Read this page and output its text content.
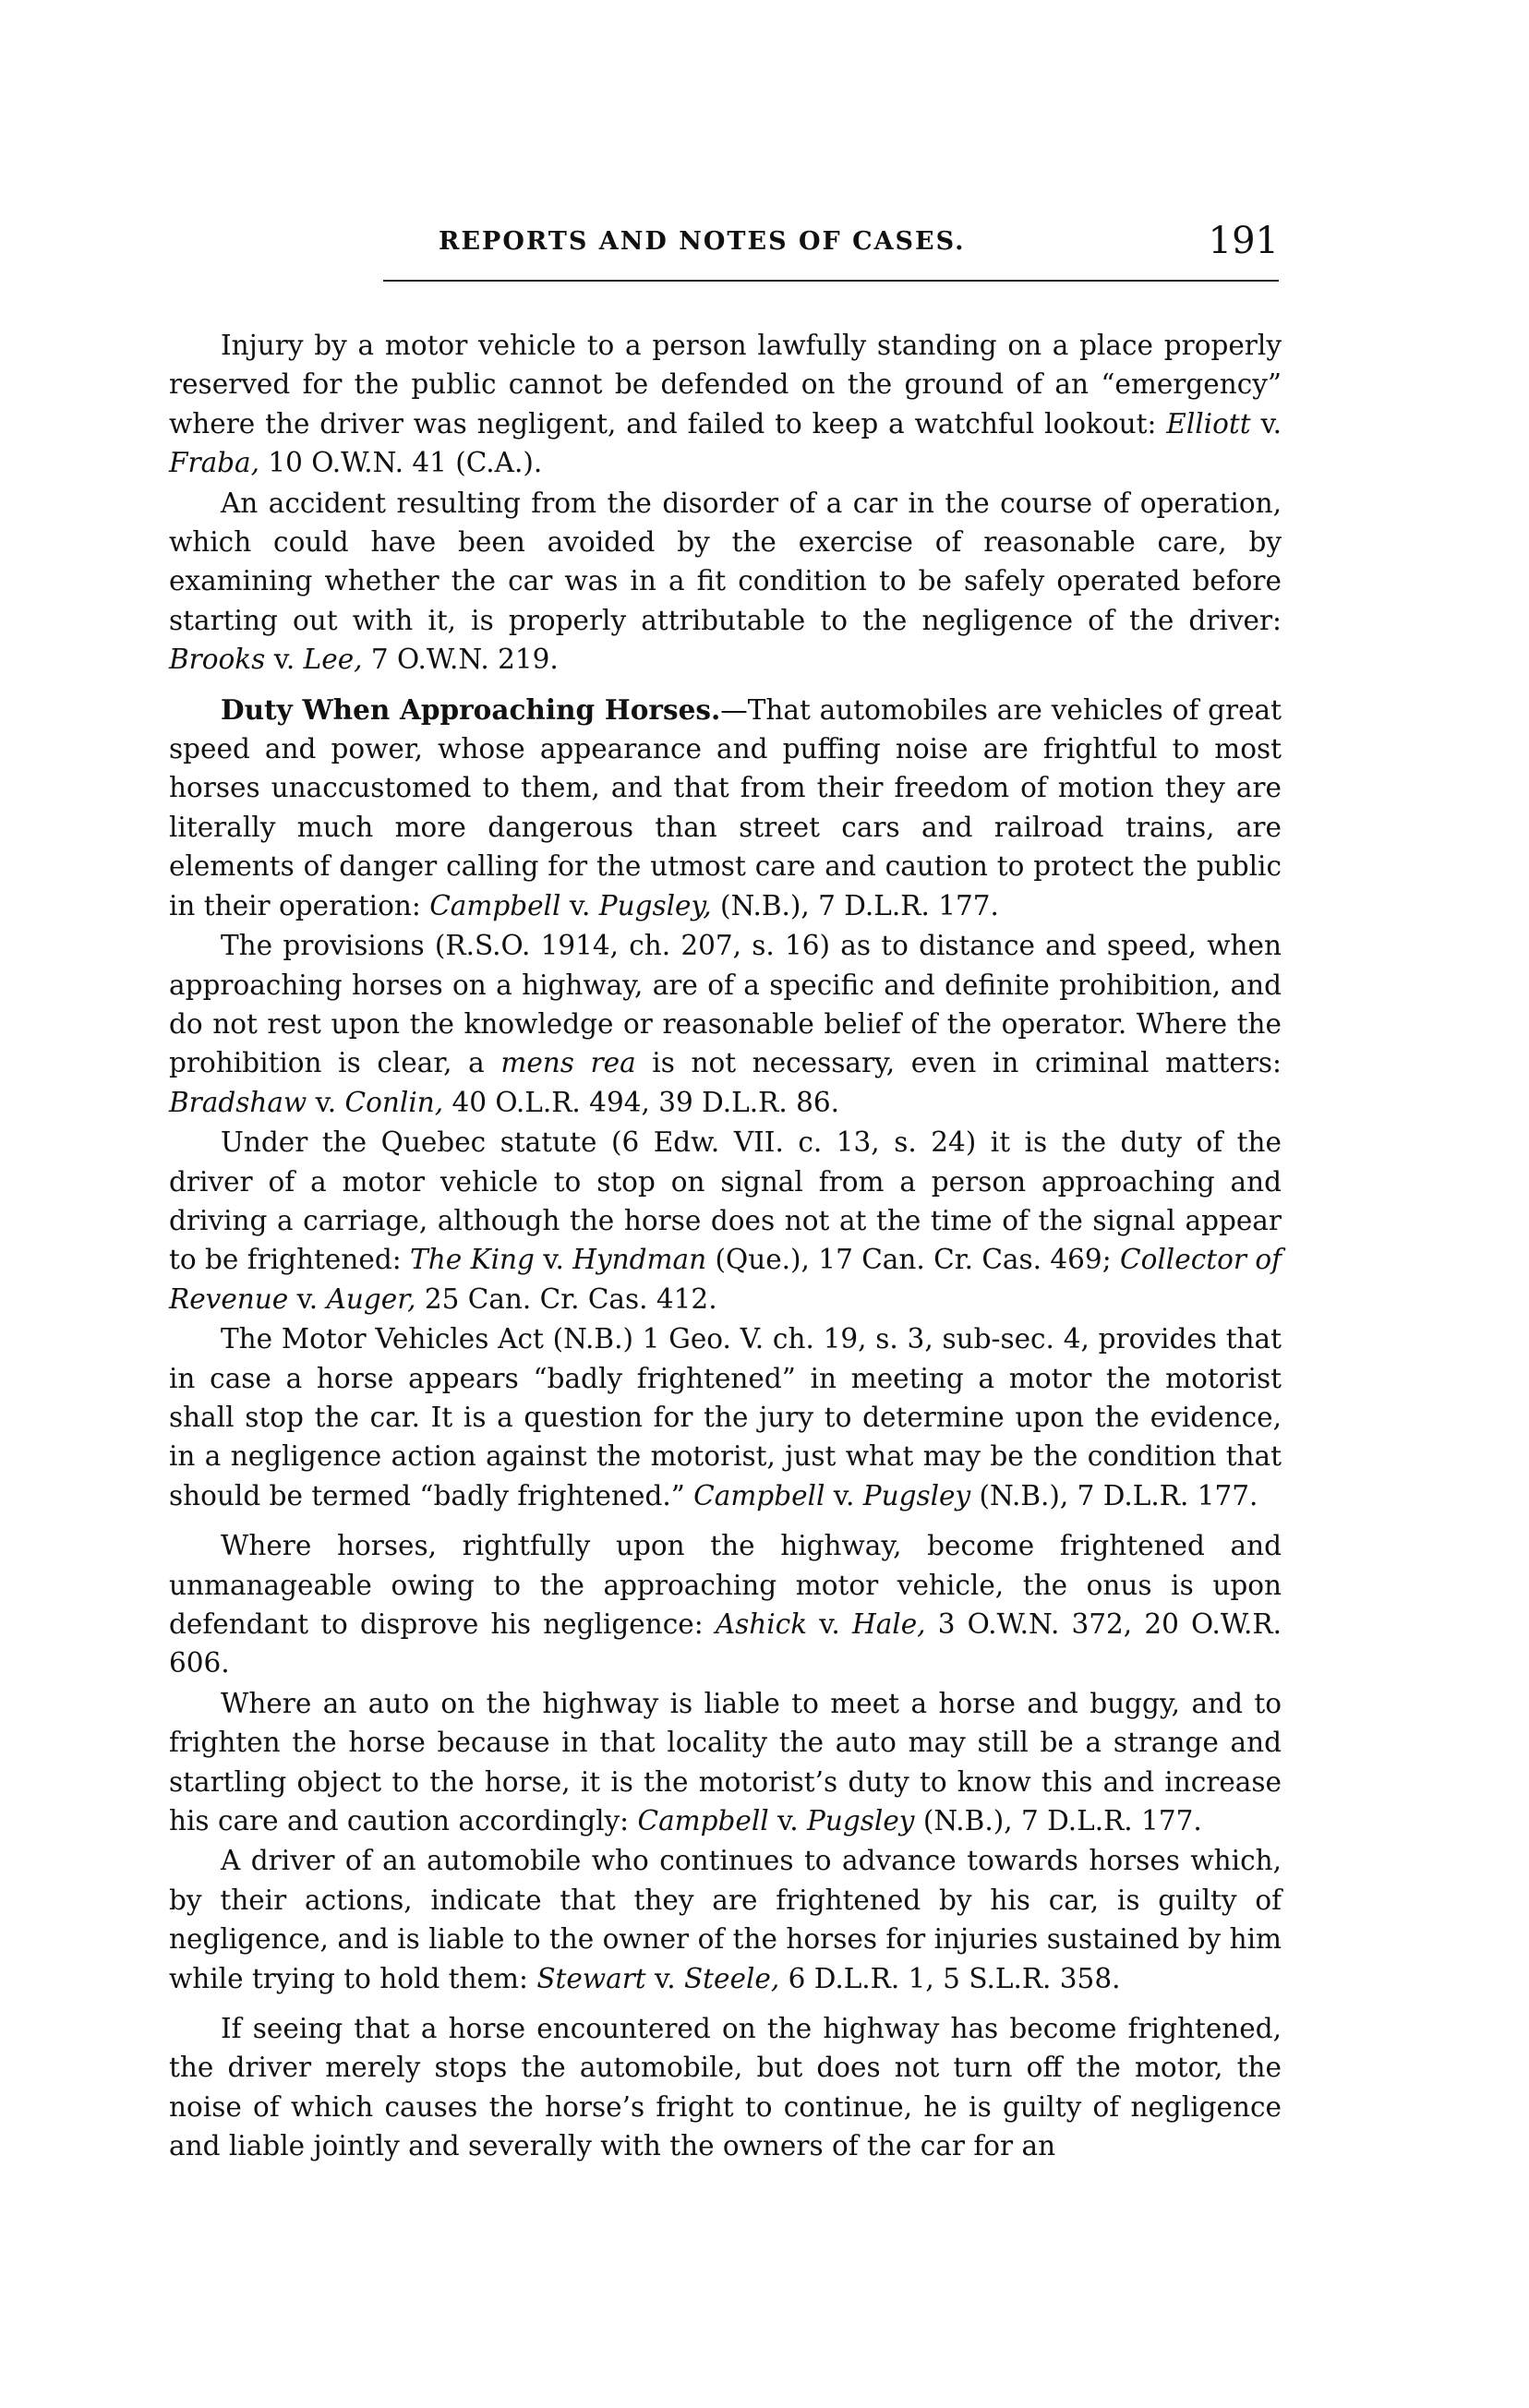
REPORTS AND NOTES OF CASES.	191

Injury by a motor vehicle to a person lawfully standing on a place properly reserved for the public cannot be defended on the ground of an “emergency” where the driver was negligent, and failed to keep a watchful lookout: Elliott v. Fraba, 10 O.W.N. 41 (C.A.).

An accident resulting from the disorder of a car in the course of operation, which could have been avoided by the exercise of reasonable care, by examining whether the car was in a fit condition to be safely operated before starting out with it, is properly attributable to the negligence of the driver: Brooks v. Lee, 7 O.W.N. 219.

Duty When Approaching Horses.—That automobiles are vehicles of great speed and power, whose appearance and puffing noise are frightful to most horses unaccustomed to them, and that from their freedom of motion they are literally much more dangerous than street cars and railroad trains, are elements of danger calling for the utmost care and caution to protect the public in their operation: Campbell v. Pugsley, (N.B.), 7 D.L.R. 177.

The provisions (R.S.O. 1914, ch. 207, s. 16) as to distance and speed, when approaching horses on a highway, are of a specific and definite prohibition, and do not rest upon the knowledge or reasonable belief of the operator. Where the prohibition is clear, a mens rea is not necessary, even in criminal matters: Bradshaw v. Conlin, 40 O.L.R. 494, 39 D.L.R. 86.

Under the Quebec statute (6 Edw. VII. c. 13, s. 24) it is the duty of the driver of a motor vehicle to stop on signal from a person approaching and driving a carriage, although the horse does not at the time of the signal appear to be frightened: The King v. Hyndman (Que.), 17 Can. Cr. Cas. 469; Collector of Revenue v. Auger, 25 Can. Cr. Cas. 412.

The Motor Vehicles Act (N.B.) 1 Geo. V. ch. 19, s. 3, sub-sec. 4, provides that in case a horse appears “badly frightened” in meeting a motor the motorist shall stop the car. It is a question for the jury to determine upon the evidence, in a negligence action against the motorist, just what may be the condition that should be termed “badly frightened.” Campbell v. Pugsley (N.B.), 7 D.L.R. 177.

Where horses, rightfully upon the highway, become frightened and unmanageable owing to the approaching motor vehicle, the onus is upon defendant to disprove his negligence: Ashick v. Hale, 3 O.W.N. 372, 20 O.W.R. 606.

Where an auto on the highway is liable to meet a horse and buggy, and to frighten the horse because in that locality the auto may still be a strange and startling object to the horse, it is the motorist’s duty to know this and increase his care and caution accordingly: Campbell v. Pugsley (N.B.), 7 D.L.R. 177.

A driver of an automobile who continues to advance towards horses which, by their actions, indicate that they are frightened by his car, is guilty of negligence, and is liable to the owner of the horses for injuries sustained by him while trying to hold them: Stewart v. Steele, 6 D.L.R. 1, 5 S.L.R. 358.

If seeing that a horse encountered on the highway has become frightened, the driver merely stops the automobile, but does not turn off the motor, the noise of which causes the horse’s fright to continue, he is guilty of negligence and liable jointly and severally with the owners of the car for an
